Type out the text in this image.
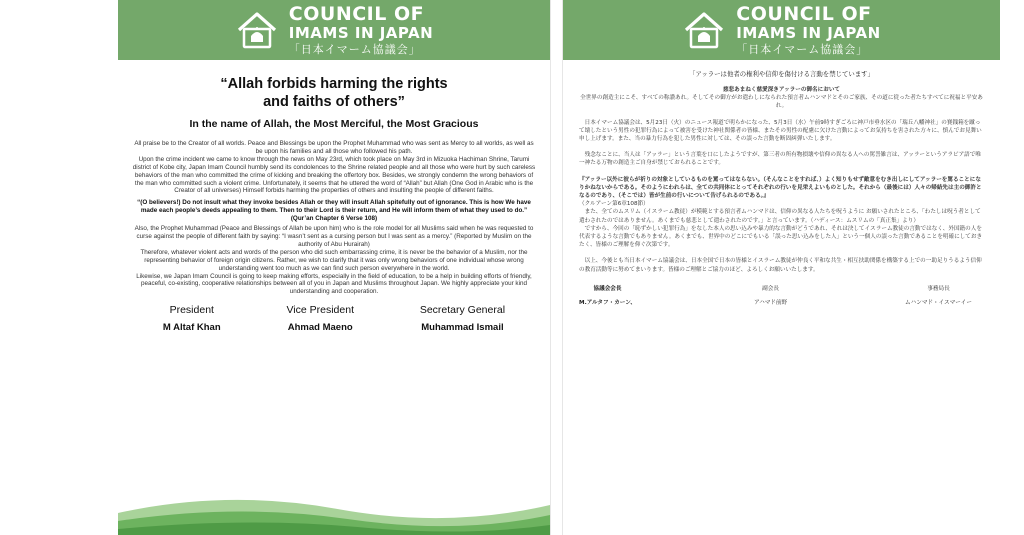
COUNCIL OF
IMAMS IN JAPAN
「日本イマーム協議会」
“Allah forbids harming the rights
and faiths of others”
In the name of Allah, the Most Merciful, the Most Gracious

All praise be to the Creator of all worlds. Peace and Blessings be upon the Prophet Muhammad who was sent as Mercy to all worlds, as well as be upon his families and all those who followed his path.

Upon the crime incident we came to know through the news on May 23rd, which took place on May 3rd in Mizuoka Hachiman Shrine, Tarumi district of Kobe city, Japan Imam Council humbly send its condolences to the Shrine related people and all those who were hurt by such careless behaviors of the man who committed the crime of kicking and breaking the offertory box. Besides, we strongly condemn the wrong behaviors of the man who committed such a violent crime. Unfortunately, it seems that he uttered the word of “Allah” but Allah (One God in Arabic who is the Creator of all universes) Himself forbids harming the properties of others and insulting the people of different faiths.

“(O believers!) Do not insult what they invoke besides Allah or they will insult Allah spitefully out of ignorance. This is how We have made each people’s deeds appealing to them. Then to their Lord is their return, and He will inform them of what they used to do.”

(Qur’an Chapter 6 Verse 108)

Also, the Prophet Muhammad (Peace and Blessings of Allah be upon him) who is the role model for all Muslims said when he was requested to curse against the people of different faith by saying: “I wasn’t sent as a cursing person but I was sent as a mercy.” (Reported by Muslim on the authority of Abu Hurairah)

Therefore, whatever violent acts and words of the person who did such embarrassing crime, it is never be the behavior of a Muslim, nor the representing behavior of foreign origin citizens. Rather, we wish to clarify that it was only wrong behaviors of one individual whose wrong understanding went too much as we can find such person everywhere in the world.

Likewise, we Japan Imam Council is going to keep making efforts, especially in the field of education, to be a help in building efforts of friendly, peaceful, co-existing, cooperative relationships between all of you in Japan and Muslims throughout Japan. We highly appreciate your kind understanding and cooperation.

President
M Altaf Khan
Vice President
Ahmad Maeno
Secretary General
Muhammad Ismail
COUNCIL OF
IMAMS IN JAPAN
「日本イマーム協議会」
「アッラーは他者の権利や信仰を傷付ける言動を禁じています」

慈悲あまねく慈愛深きアッラーの御名において

全世界の創造主にこそ、すべての称讃あれ。そしてその御方がお遣わしになられた預言者ムハンマドとそのご家族、その道に従った者たちすべてに祝福と平安あれ。

日本イマーム協議会は、5月23日（火）のニュース報道で明らかになった、5月3日（水）午前9時すぎごろに神戸市垂水区の「瑞丘八幡神社」の賽銭箱を蹴って壊したという男性の犯罪行為によって被害を受けた神社関係者の皆様、またその男性の配慮に欠けた言動によってお気持ちを害された方々に、慎んでお見舞い申し上げます。また、当の暴力行為を犯した男性に対しては、その誤った言動を断固糾弾いたします。

残念なことに、当人は「アッラー」という言葉を口にしたようですが、第三者の所有物損壊や信仰の異なる人への罵詈雑言は、アッラーというアラビア語で唯一神たる万物の創造主ご自身が禁じておられることです。

『アッラー以外に彼らが祈りの対象としているものを罵ってはならない。（そんなことをすれば、）よく知りもせず敵意をむき出しにしてアッラーを罵ることになりかねないからである。そのようにわれらは、全ての共同体にとってそれぞれの行いを見栄えよいものとした。それから（最後には）人々の帰結先は主の御許となるのであり、（そこでは）皆が生前の行いについて告げられるのである。』

（クルアーン第6章108節）

また、全てのムスリム（イスラーム教徒）が模範とする預言者ムハンマドは、信仰の異なる人たちを呪うように お願いされたところ、「わたしは呪う者として遣わされたのではありません。あくまでも慈悲として遣わされたのです。」と言っています。（ハディース：ムスリムの「真正集」より）

ですから、今回の「恥ずかしい犯罪行為」をなした本人の思い込みや暴力的な言動がどうであれ、それは決してイスラーム教徒の言動ではなく、外国籍の人を代表するような言動でもありません。あくまでも、世界中のどこにでもいる「誤った思い込みをした人」という一個人の誤った言動であることを明確にしておきたく、皆様のご理解を仰ぐ次第です。

以上、今後とも当日本イマーム協議会は、日本全国で日本の皆様とイスラーム教徒が仲良く平和な共生・相互扶助関係を構築する上での一助足りうるよう信仰の教育活動等に努めてまいります。皆様のご理解とご協力のほど、よろしくお願いいたします。

協議会会長
M.アルタフ・カーン、
副会長
アハマド前野
事務局長
ムハンマド・イスマーイー
